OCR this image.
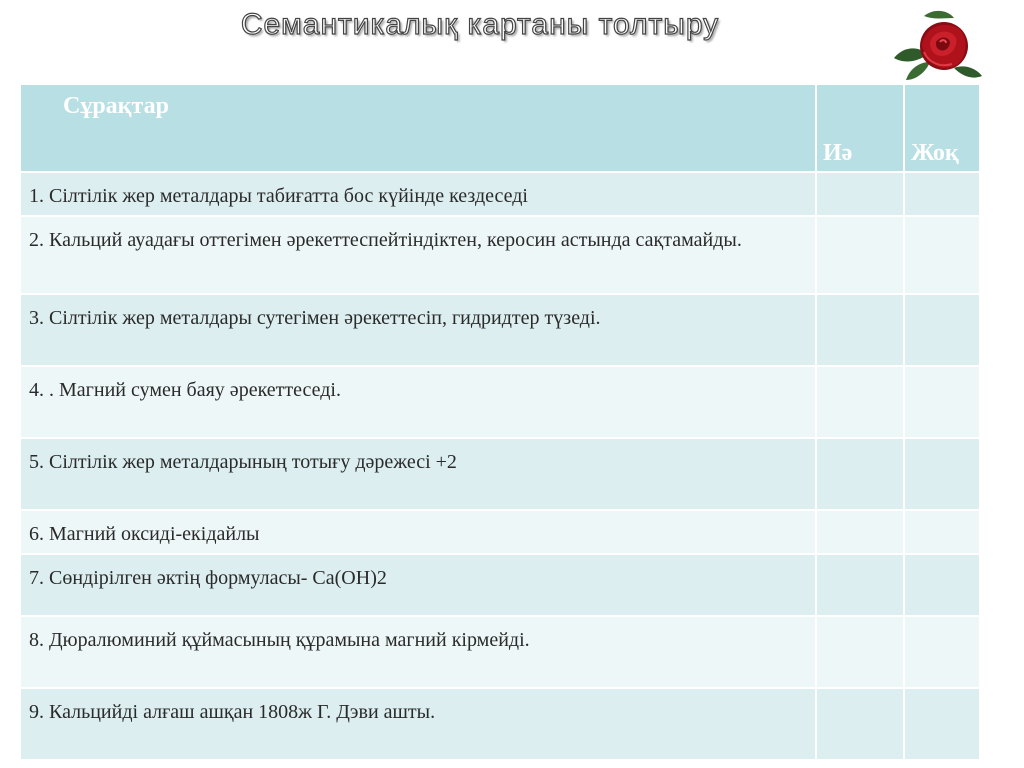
Семантикалық картаны толтыру
Сұрақтар	Иә	Жоқ
1. Сілтілік жер металдары табиғатта бос күйінде кездеседі		
2. Кальций ауадағы оттегімен әрекеттеспейтіндіктен, керосин астында сақтамайды.		
3. Сілтілік жер металдары сутегімен әрекеттесіп, гидридтер түзеді.		
4. . Магний сумен баяу әрекеттеседі.		
5. Сілтілік жер металдарының тотығу дәрежесі +2		
6. Магний оксиді-екідайлы		
7. Сөндірілген әктің формуласы- Са(ОН)2		
8. Дюралюминий құймасының құрамына магний кірмейді.		
9. Кальцийді алғаш ашқан 1808ж Г. Дэви ашты.		
